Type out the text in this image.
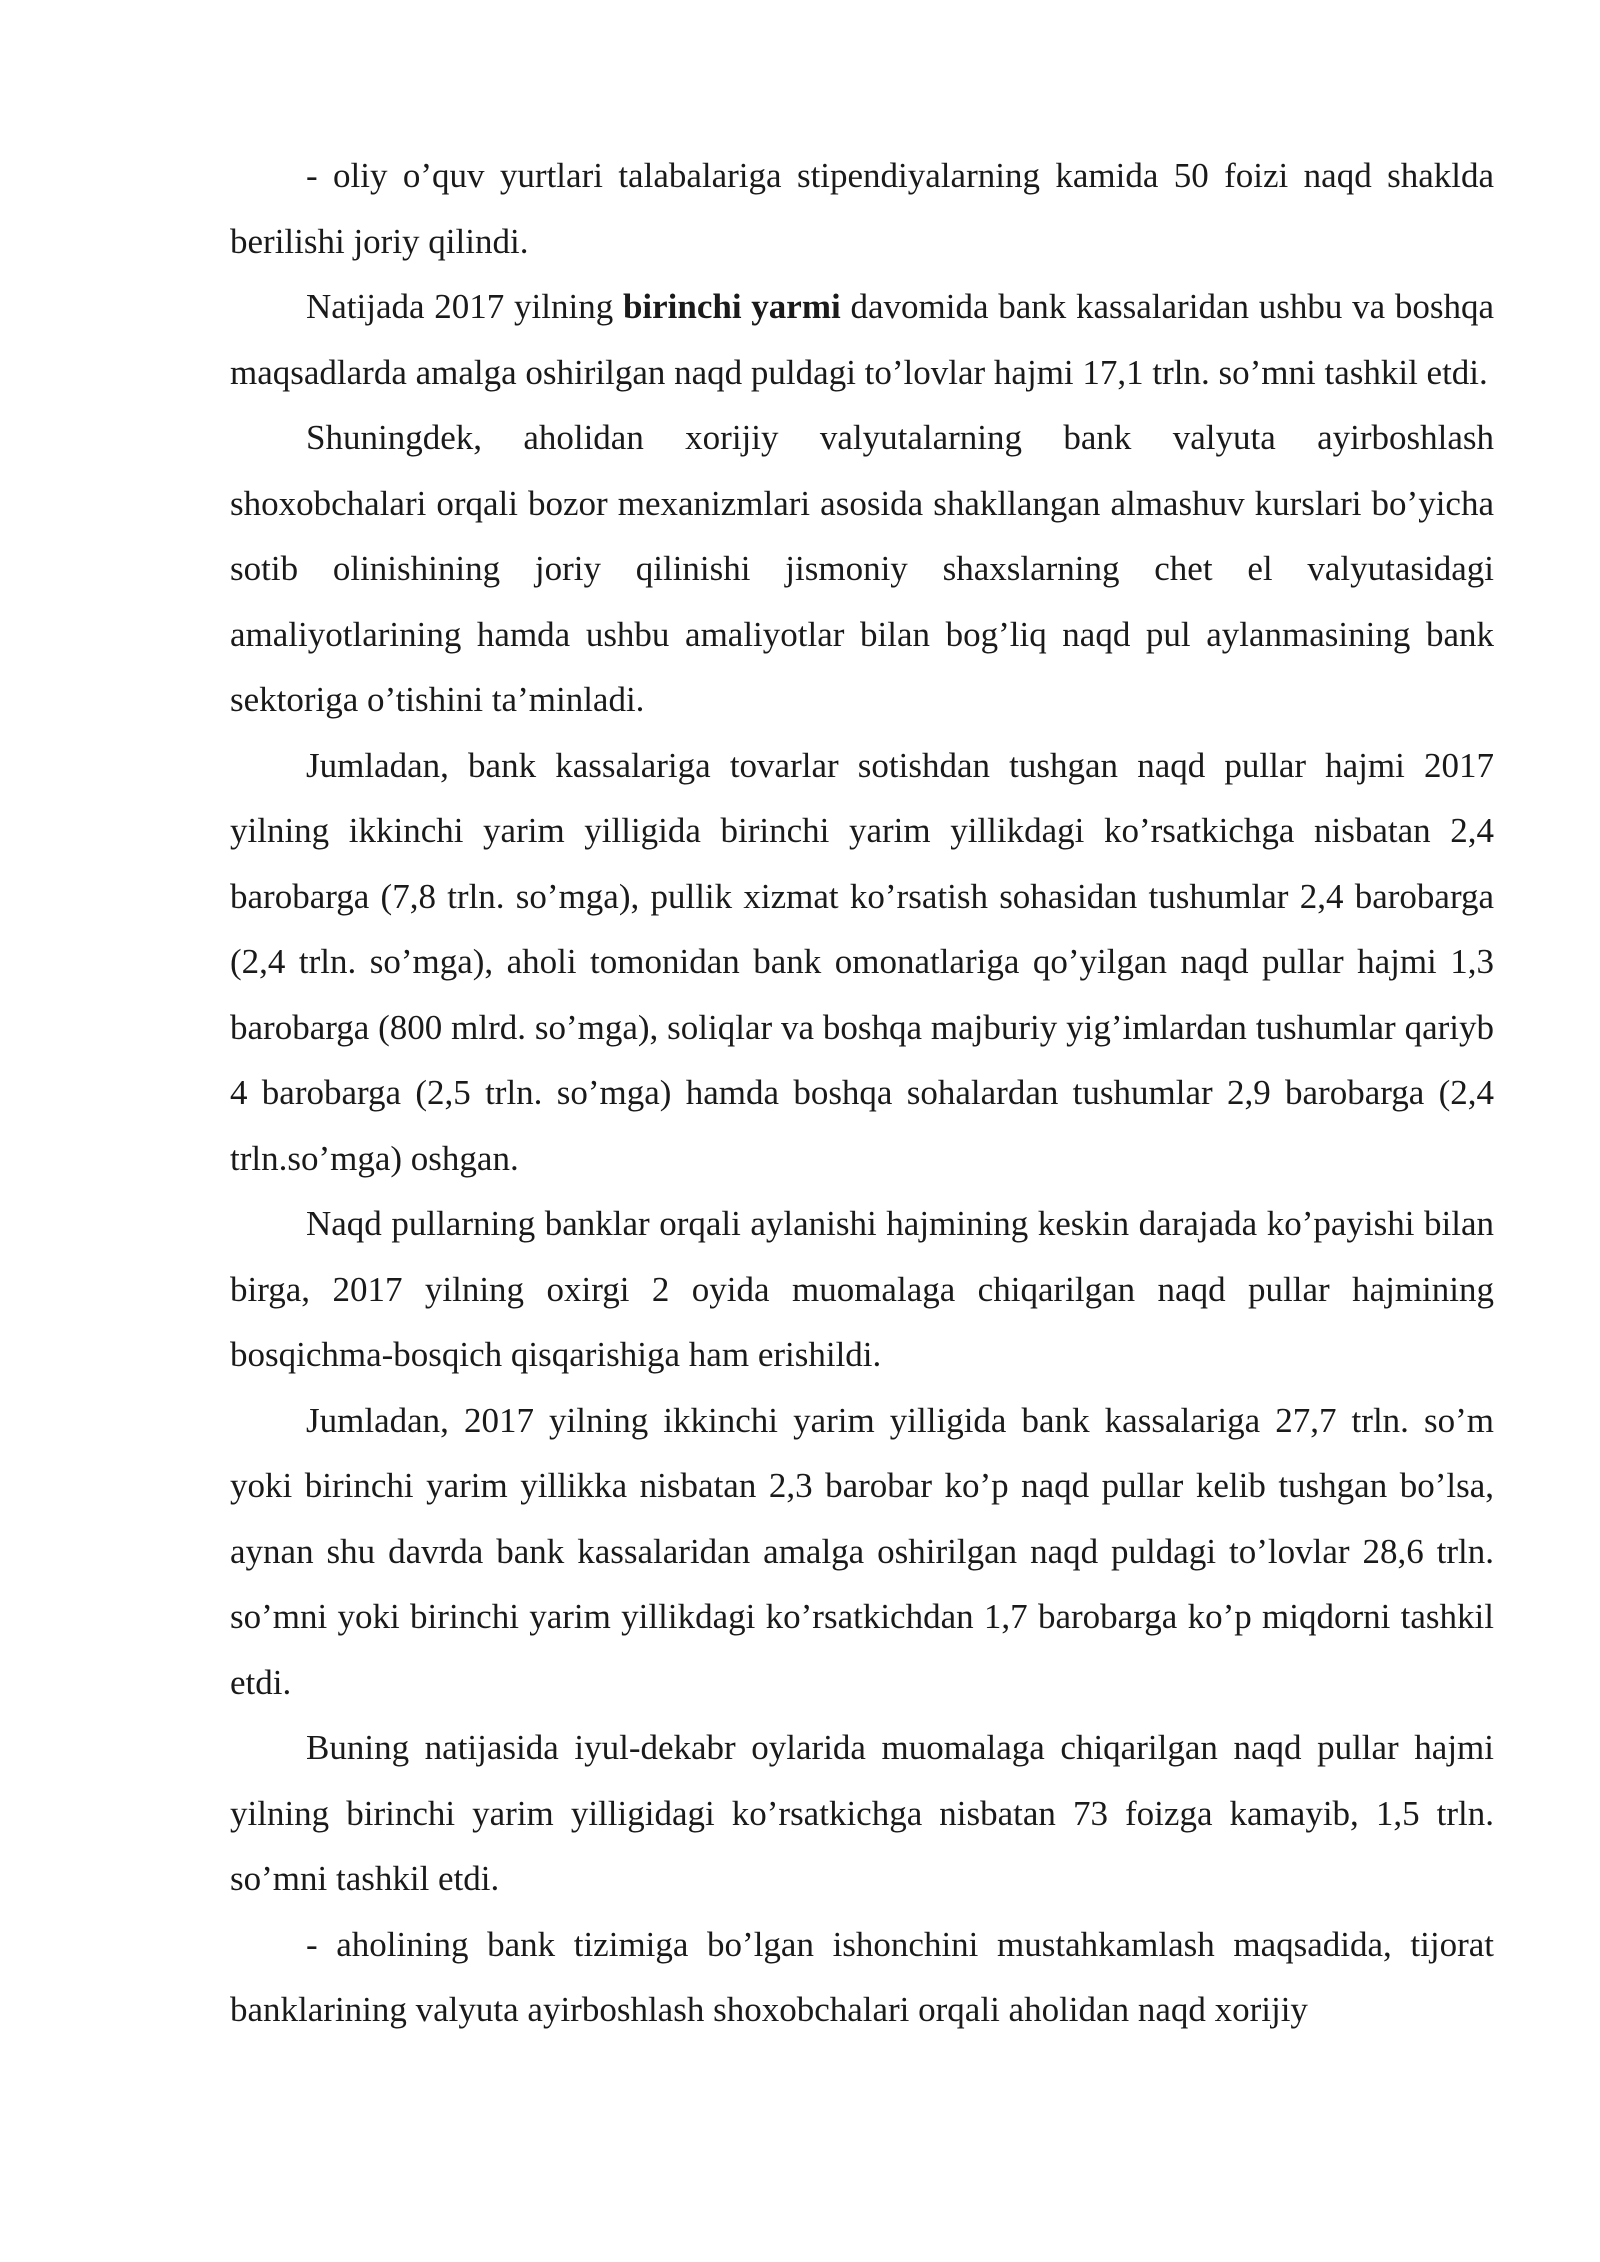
- oliy o’quv yurtlari talabalariga stipendiyalarning kamida 50 foizi naqd shaklda berilishi joriy qilindi.

Natijada 2017 yilning birinchi yarmi davomida bank kassalaridan ushbu va boshqa maqsadlarda amalga oshirilgan naqd puldagi to’lovlar hajmi 17,1 trln. so’mni tashkil etdi.

Shuningdek, aholidan xorijiy valyutalarning bank valyuta ayirboshlash shoxobchalari orqali bozor mexanizmlari asosida shakllangan almashuv kurslari bo’yicha sotib olinishining joriy qilinishi jismoniy shaxslarning chet el valyutasidagi amaliyotlarining hamda ushbu amaliyotlar bilan bog’liq naqd pul aylanmasining bank sektoriga o’tishini ta’minladi.

Jumladan, bank kassalariga tovarlar sotishdan tushgan naqd pullar hajmi 2017 yilning ikkinchi yarim yilligida birinchi yarim yillikdagi ko’rsatkichga nisbatan 2,4 barobarga (7,8 trln. so’mga), pullik xizmat ko’rsatish sohasidan tushumlar 2,4 barobarga (2,4 trln. so’mga), aholi tomonidan bank omonatlariga qo’yilgan naqd pullar hajmi 1,3 barobarga (800 mlrd. so’mga), soliqlar va boshqa majburiy yig’imlardan tushumlar qariyb 4 barobarga (2,5 trln. so’mga) hamda boshqa sohalardan tushumlar 2,9 barobarga (2,4 trln.so’mga) oshgan.

Naqd pullarning banklar orqali aylanishi hajmining keskin darajada ko’payishi bilan birga, 2017 yilning oxirgi 2 oyida muomalaga chiqarilgan naqd pullar hajmining bosqichma-bosqich qisqarishiga ham erishildi.

Jumladan, 2017 yilning ikkinchi yarim yilligida bank kassalariga 27,7 trln. so’m yoki birinchi yarim yillikka nisbatan 2,3 barobar ko’p naqd pullar kelib tushgan bo’lsa, aynan shu davrda bank kassalaridan amalga oshirilgan naqd puldagi to’lovlar 28,6 trln. so’mni yoki birinchi yarim yillikdagi ko’rsatkichdan 1,7 barobarga ko’p miqdorni tashkil etdi.

Buning natijasida iyul-dekabr oylarida muomalaga chiqarilgan naqd pullar hajmi yilning birinchi yarim yilligidagi ko’rsatkichga nisbatan 73 foizga kamayib, 1,5 trln. so’mni tashkil etdi.

- aholining bank tizimiga bo’lgan ishonchini mustahkamlash maqsadida, tijorat banklarining valyuta ayirboshlash shoxobchalari orqali aholidan naqd xorijiy
